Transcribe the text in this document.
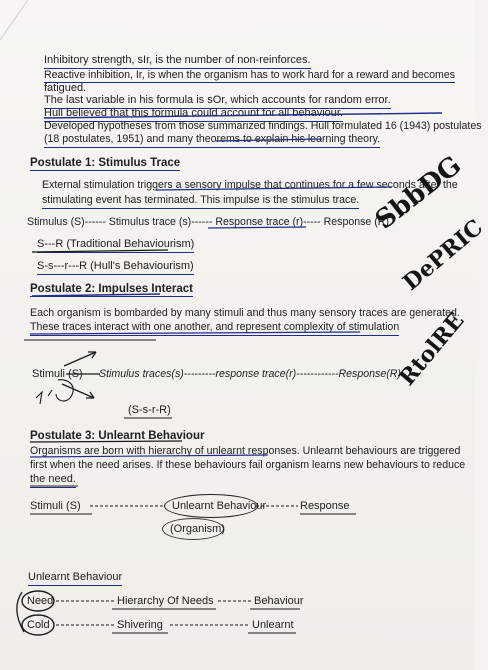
Inhibitory strength, sIr, is the number of non-reinforces.
Reactive inhibition, Ir, is when the organism has to work hard for a reward and becomes
fatigued.
The last variable in his formula is sOr, which accounts for random error.
Hull believed that this formula could account for all behaviour.
Developed hypotheses from those summarized findings. Hull formulated 16 (1943) postulates
(18 postulates, 1951) and many theorems to explain his learning theory.
Postulate 1: Stimulus Trace
External stimulation triggers a sensory impulse that continues for a few seconds after the
stimulating event has terminated. This impulse is the stimulus trace.
Stimulus (S)------ Stimulus trace (s)------ Response trace (r)----- Response (R)
S---R (Traditional Behaviourism)
S-s---r---R (Hull's Behaviourism)
Postulate 2: Impulses Interact
Each organism is bombarded by many stimuli and thus many sensory traces are generated.
These traces interact with one another, and represent complexity of stimulation
Stimuli (S) Stimulus traces(s)---------response trace(r)------------Response(R)
(S-s-r-R)
Postulate 3: Unlearnt Behaviour
Organisms are born with hierarchy of unlearnt responses. Unlearnt behaviours are triggered
first when the need arises. If these behaviours fail organism learns new behaviours to reduce
the need.
Stimuli (S)	Unlearnt Behaviour	Response
(Organism)
Unlearnt Behaviour
Need	Hierarchy Of Needs	Behaviour
Cold	Shivering	Unlearnt
SbbDG
DePRIC
RtolRE
